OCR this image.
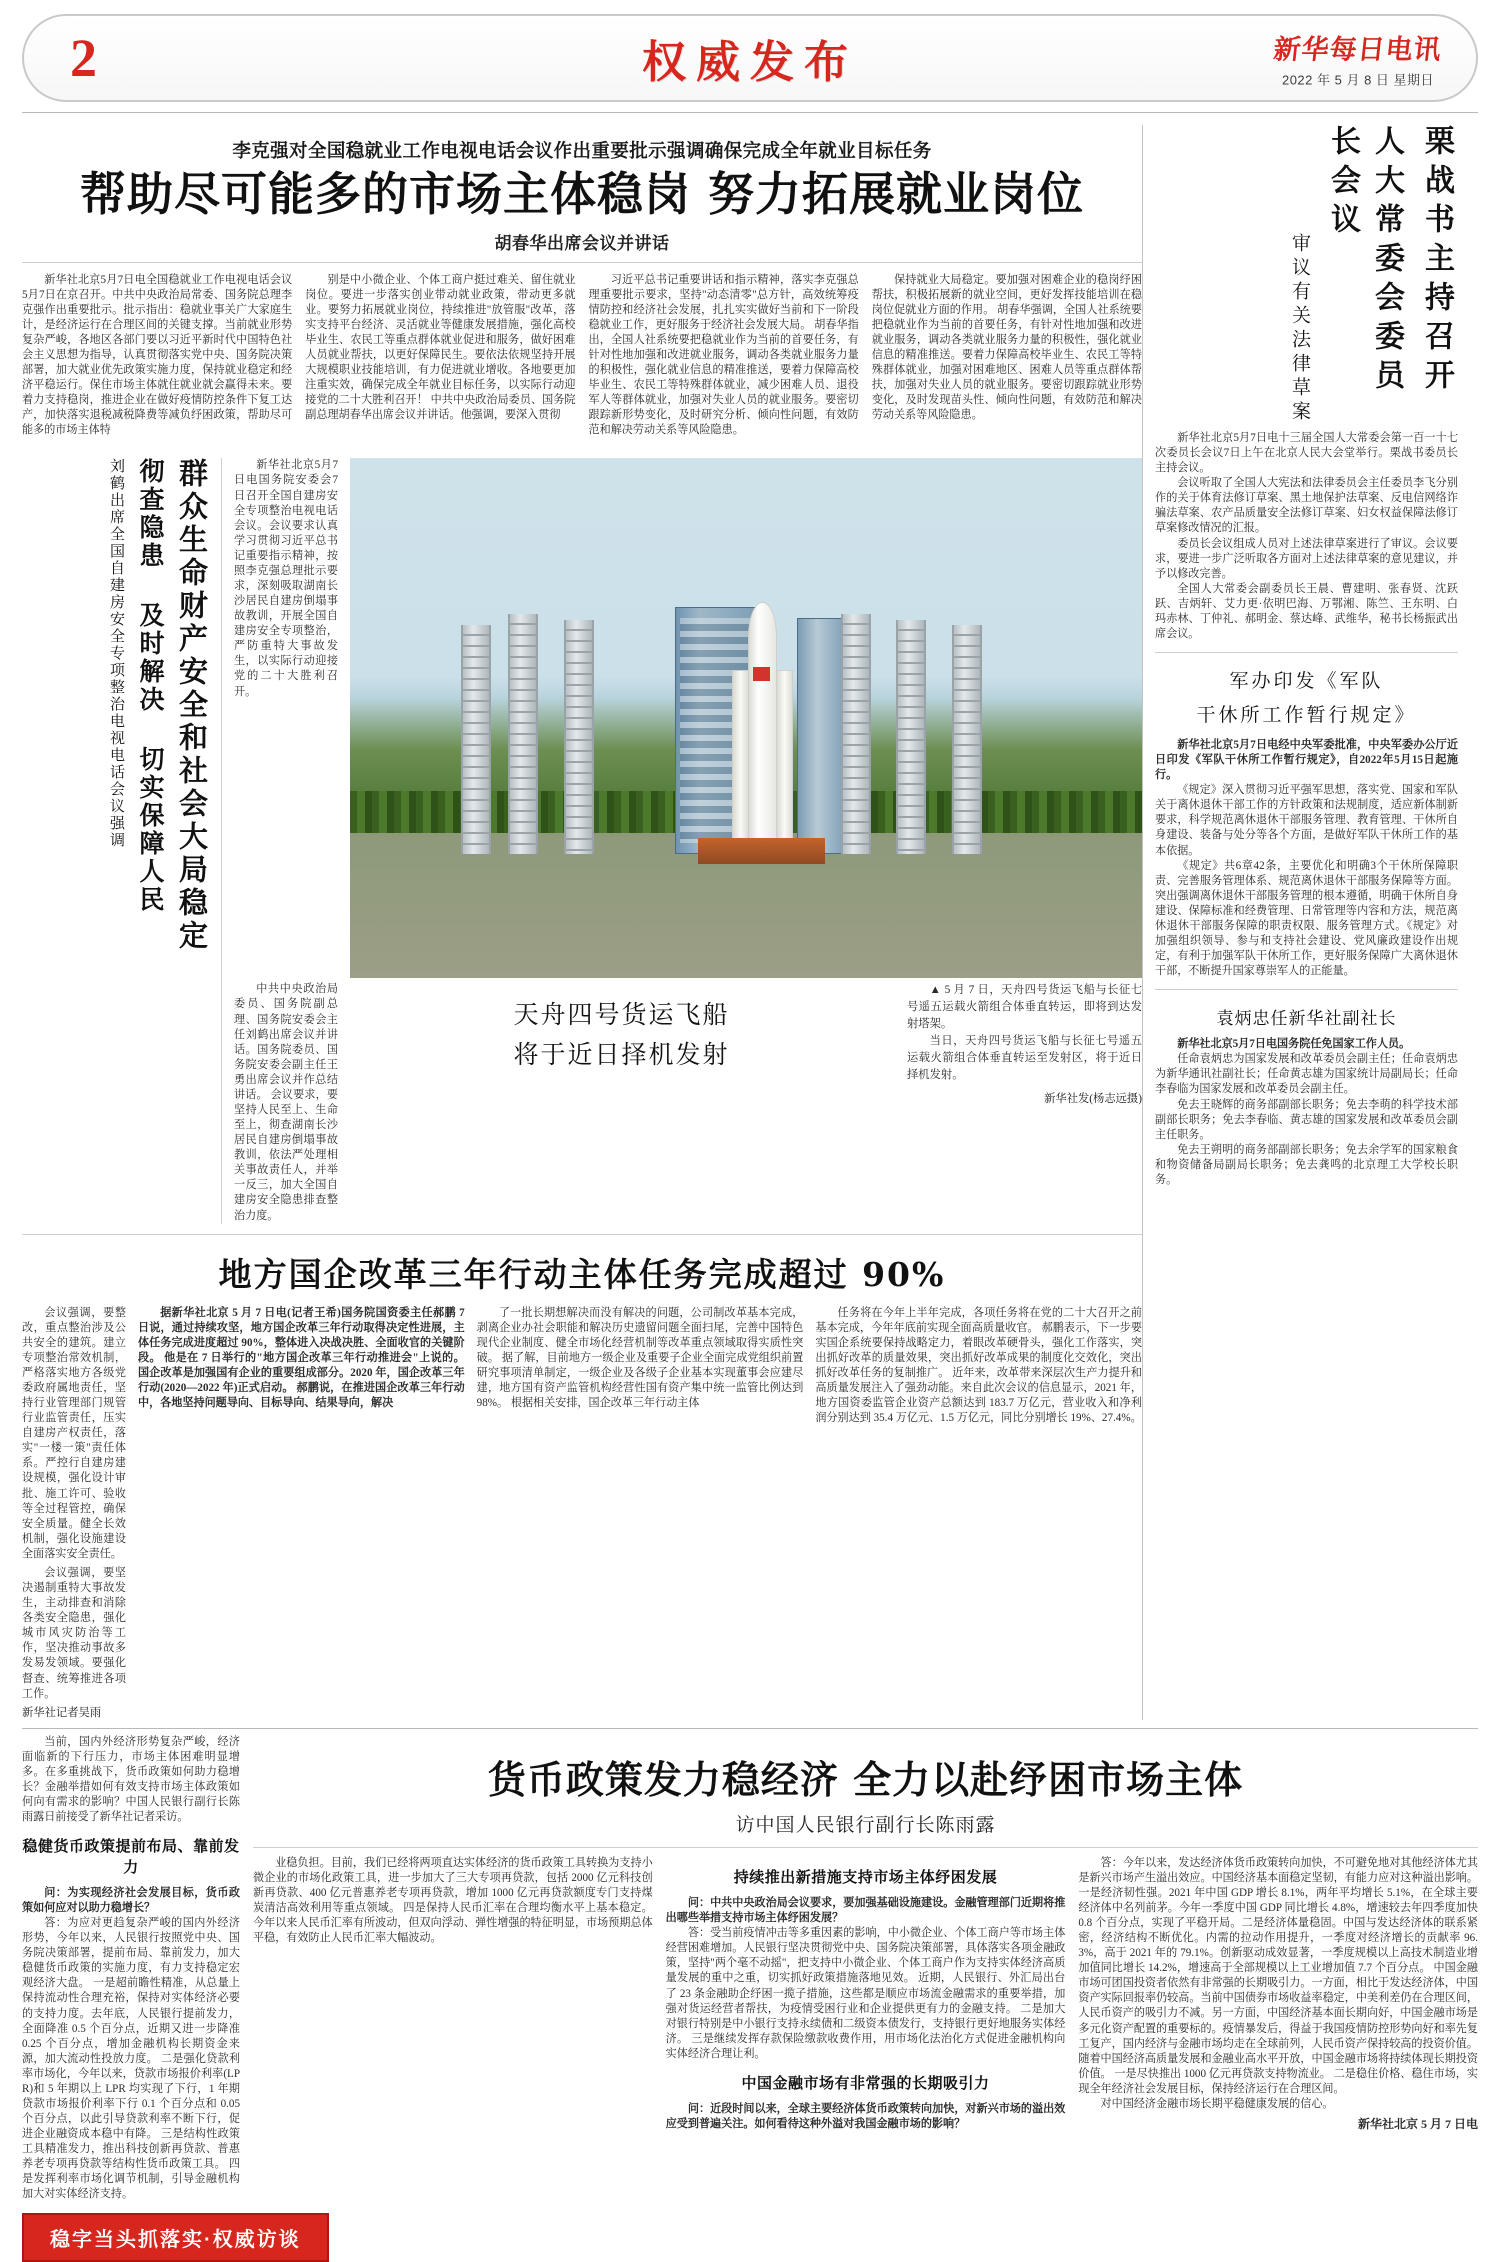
2	权威发布	新华每日电讯
2022 年 5 月 8 日 星期日
李克强对全国稳就业工作电视电话会议作出重要批示强调确保完成全年就业目标任务
帮助尽可能多的市场主体稳岗 努力拓展就业岗位
胡春华出席会议并讲话

新华社北京5月7日电全国稳就业工作电视电话会议5月7日在京召开。中共中央政治局常委、国务院总理李克强作出重要批示。批示指出：稳就业事关广大家庭生计，是经济运行在合理区间的关键支撑。当前就业形势复杂严峻，各地区各部门要以习近平新时代中国特色社会主义思想为指导，认真贯彻落实党中央、国务院决策部署，加大就业优先政策实施力度，保持就业稳定和经济平稳运行。保住市场主体就住就业就会赢得未来。要着力支持稳岗，推进企业在做好疫情防控条件下复工达产，加快落实退税减税降费等减负纾困政策，帮助尽可能多的市场主体特

别是中小微企业、个体工商户挺过难关、留住就业岗位。要进一步落实创业带动就业政策，带动更多就业。要努力拓展就业岗位，持续推进"放管服"改革，落实支持平台经济、灵活就业等健康发展措施，强化高校毕业生、农民工等重点群体就业促进和服务，做好困难人员就业帮扶，以更好保障民生。要依法依规坚持开展大规模职业技能培训，有力促进就业增收。各地要更加注重实效，确保完成全年就业目标任务，以实际行动迎接党的二十大胜利召开！ 中共中央政治局委员、国务院副总理胡春华出席会议并讲话。他强调，要深入贯彻

习近平总书记重要讲话和指示精神，落实李克强总理重要批示要求，坚持"动态清零"总方针，高效统筹疫情防控和经济社会发展，扎扎实实做好当前和下一阶段稳就业工作，更好服务于经济社会发展大局。 胡春华指出，全国人社系统要把稳就业作为当前的首要任务，有针对性地加强和改进就业服务，调动各类就业服务力量的积极性，强化就业信息的精准推送，要着力保障高校毕业生、农民工等特殊群体就业，减少困难人员、退役军人等群体就业，加强对失业人员的就业服务。要密切跟踪新形势变化，及时研究分析、倾向性问题，有效防范和解决劳动关系等风险隐患。

保持就业大局稳定。要加强对困难企业的稳岗纾困帮扶，积极拓展新的就业空间，更好发挥技能培训在稳岗位促就业方面的作用。 胡春华强调，全国人社系统要把稳就业作为当前的首要任务，有针对性地加强和改进就业服务，调动各类就业服务力量的积极性，强化就业信息的精准推送。要着力保障高校毕业生、农民工等特殊群体就业，加强对困难地区、困难人员等重点群体帮扶，加强对失业人员的就业服务。要密切跟踪就业形势变化，及时发现苗头性、倾向性问题，有效防范和解决劳动关系等风险隐患。

群众生命财产安全和社会大局稳定
彻查隐患 及时解决 切实保障人民
刘鹤出席全国自建房安全专项整治电视电话会议强调	新华社北京5月7日电国务院安委会7日召开全国自建房安全专项整治电视电话会议。会议要求认真学习贯彻习近平总书记重要指示精神，按照李克强总理批示要求，深刻吸取湖南长沙居民自建房倒塌事故教训，开展全国自建房安全专项整治，严防重特大事故发生，以实际行动迎接党的二十大胜利召开。

中共中央政治局委员、国务院副总理、国务院安委会主任刘鹤出席会议并讲话。国务院委员、国务院安委会副主任王勇出席会议并作总结讲话。 会议要求，要坚持人民至上、生命至上，彻查湖南长沙居民自建房倒塌事故教训，依法严处理相关事故责任人，并举一反三，加大全国自建房安全隐患排查整治力度。

天舟四号货运飞船
将于近日择机发射

▲ 5 月 7 日，天舟四号货运飞船与长征七号遥五运载火箭组合体垂直转运，即将到达发射塔架。

当日，天舟四号货运飞船与长征七号遥五运载火箭组合体垂直转运至发射区，将于近日择机发射。

新华社发(杨志远摄)
地方国企改革三年行动主体任务完成超过 90%

会议强调，要整改，重点整治涉及公共安全的建筑。建立专项整治常效机制，严格落实地方各级党委政府属地责任，坚持行业管理部门规管行业监管责任，压实自建房产权责任，落实"一楼一策"责任体系。严控行自建房建设规模，强化设计审批、施工许可、验收等全过程管控，确保安全质量。健全长效机制，强化设施建设全面落实安全责任。

据新华社北京 5 月 7 日电(记者王希)国务院国资委主任郝鹏 7 日说，通过持续攻坚，地方国企改革三年行动取得决定性进展，主体任务完成进度超过 90%，整体进入决战决胜、全面收官的关键阶段。 他是在 7 日举行的"地方国企改革三年行动推进会"上说的。 国企改革是加强国有企业的重要组成部分。2020 年，国企改革三年行动(2020—2022 年)正式启动。 郝鹏说，在推进国企改革三年行动中，各地坚持问题导向、目标导向、结果导向，解决

了一批长期想解决而没有解决的问题，公司制改革基本完成，剥离企业办社会职能和解决历史遗留问题全面扫尾，完善中国特色现代企业制度、健全市场化经营机制等改革重点领域取得实质性突破。 据了解，目前地方一级企业及重要子企业全面完成党组织前置研究事项清单制定，一级企业及各级子企业基本实现董事会应建尽建，地方国有资产监管机构经营性国有资产集中统一监管比例达到 98%。 根据相关安排，国企改革三年行动主体

任务将在今年上半年完成，各项任务将在党的二十大召开之前基本完成，今年年底前实现全面高质量收官。 郝鹏表示，下一步要实国企系统要保持战略定力，着眼改革硬骨头，强化工作落实，突出抓好改革的质量效果，突出抓好改革成果的制度化交效化，突出抓好改革任务的复制推广。 近年来，改革带来深层次生产力提升和高质量发展注入了强劲动能。来自此次会议的信息显示，2021 年，地方国资委监管企业资产总额达到 183.7 万亿元，营业收入和净利润分别达到 35.4 万亿元、1.5 万亿元，同比分别增长 19%、27.4%。

会议强调，要坚决遏制重特大事故发生，主动排查和消除各类安全隐患，强化城市风灾防治等工作，坚决推动事故多发易发领域。要强化督查、统筹推进各项工作。

新华社记者吴雨
栗战书主持召开
人大常委会委员长会议
审议有关法律草案

新华社北京5月7日电十三届全国人大常委会第一百一十七次委员长会议7日上午在北京人民大会堂举行。栗战书委员长主持会议。

会议听取了全国人大宪法和法律委员会主任委员李飞分别作的关于体育法修订草案、黑土地保护法草案、反电信网络诈骗法草案、农产品质量安全法修订草案、妇女权益保障法修订草案修改情况的汇报。

委员长会议组成人员对上述法律草案进行了审议。会议要求，要进一步广泛听取各方面对上述法律草案的意见建议，并予以修改完善。

全国人大常委会副委员长王晨、曹建明、张春贤、沈跃跃、吉炳轩、艾力更·依明巴海、万鄂湘、陈竺、王东明、白玛赤林、丁仲礼、郝明金、蔡达峰、武维华，秘书长杨振武出席会议。

军办印发《军队
干休所工作暂行规定》

新华社北京5月7日电经中央军委批准，中央军委办公厅近日印发《军队干休所工作暂行规定》，自2022年5月15日起施行。

《规定》深入贯彻习近平强军思想，落实党、国家和军队关于离休退休干部工作的方针政策和法规制度，适应新体制新要求，科学规范离休退休干部服务管理、教育管理、干休所自身建设、装备与处分等各个方面，是做好军队干休所工作的基本依据。

《规定》共6章42条，主要优化和明确3个干休所保障职责、完善服务管理体系、规范离休退休干部服务保障等方面。突出强调离休退休干部服务管理的根本遵循，明确干休所自身建设、保障标准和经费管理、日常管理等内容和方法，规范离休退休干部服务保障的职责权限、服务管理方式。《规定》对加强组织领导、参与和支持社会建设、党风廉政建设作出规定，有利于加强军队干休所工作，更好服务保障广大离休退休干部，不断提升国家尊崇军人的正能量。

袁炳忠任新华社副社长

新华社北京5月7日电国务院任免国家工作人员。

任命袁炳忠为国家发展和改革委员会副主任；任命袁炳忠为新华通讯社副社长；任命黄志雄为国家统计局副局长；任命李春临为国家发展和改革委员会副主任。

免去王晓辉的商务部副部长职务；免去李萌的科学技术部副部长职务；免去李春临、黄志雄的国家发展和改革委员会副主任职务。

免去王朔明的商务部副部长职务；免去余学军的国家粮食和物资储备局副局长职务；免去龚鸣的北京理工大学校长职务。

当前，国内外经济形势复杂严峻，经济面临新的下行压力，市场主体困难明显增多。在多重挑战下，货币政策如何助力稳增长？金融举措如何有效支持市场主体政策如何向有需求的影响？中国人民银行副行长陈雨露日前接受了新华社记者采访。

稳健货币政策提前布局、靠前发力

问：为实现经济社会发展目标，货币政策如何应对以助力稳增长？

答：为应对更趋复杂严峻的国内外经济形势，今年以来，人民银行按照党中央、国务院决策部署，提前布局、靠前发力，加大稳健货币政策的实施力度，有力支持稳定宏观经济大盘。 一是超前瞻性精准，从总量上保持流动性合理充裕，保持对实体经济必要的支持力度。去年底，人民银行提前发力，全面降准 0.5 个百分点，近期又进一步降准 0.25 个百分点，增加金融机构长期资金来源，加大流动性投放力度。 二是强化贷款利率市场化，今年以来，贷款市场报价利率(LPR)和 5 年期以上 LPR 均实现了下行，1 年期贷款市场报价利率下行 0.1 个百分点和 0.05 个百分点，以此引导贷款利率不断下行，促进企业融资成本稳中有降。 三是结构性政策工具精准发力，推出科技创新再贷款、普惠养老专项再贷款等结构性货币政策工具。 四是发挥利率市场化调节机制，引导金融机构加大对实体经济支持。

货币政策发力稳经济 全力以赴纾困市场主体
访中国人民银行副行长陈雨露

业稳负担。目前，我们已经将两项直达实体经济的货币政策工具转换为支持小微企业的市场化政策工具，进一步加大了三大专项再贷款，包括 2000 亿元科技创新再贷款、400 亿元普惠养老专项再贷款，增加 1000 亿元再贷款额度专门支持煤炭清洁高效利用等重点领域。 四是保持人民币汇率在合理均衡水平上基本稳定。今年以来人民币汇率有所波动，但双向浮动、弹性增强的特征明显，市场预期总体平稳，有效防止人民币汇率大幅波动。

持续推出新措施支持市场主体纾困发展

问：中共中央政治局会议要求，要加强基础设施建设。金融管理部门近期将推出哪些举措支持市场主体纾困发展？

答：受当前疫情冲击等多重因素的影响，中小微企业、个体工商户等市场主体经营困难增加。人民银行坚决贯彻党中央、国务院决策部署，具体落实各项金融政策，坚持"两个毫不动摇"，把支持中小微企业、个体工商户作为支持实体经济高质量发展的重中之重，切实抓好政策措施落地见效。 近期，人民银行、外汇局出台了 23 条金融助企纾困一揽子措施，这些都是顺应市场流金融需求的重要举措，加强对货运经营者帮扶，为疫情受困行业和企业提供更有力的金融支持。 二是加大对银行特别是中小银行支持永续债和二级资本债发行，支持银行更好地服务实体经济。 三是继续发挥存款保险缴款收费作用，用市场化法治化方式促进金融机构向实体经济合理让利。

中国金融市场有非常强的长期吸引力

问：近段时间以来，全球主要经济体货币政策转向加快，对新兴市场的溢出效应受到普遍关注。如何看待这种外溢对我国金融市场的影响？

答：今年以来，发达经济体货币政策转向加快，不可避免地对其他经济体尤其是新兴市场产生溢出效应。中国经济基本面稳定坚韧，有能力应对这种溢出影响。一是经济韧性强。2021 年中国 GDP 增长 8.1%，两年平均增长 5.1%，在全球主要经济体中名列前茅。今年一季度中国 GDP 同比增长 4.8%，增速较去年四季度加快 0.8 个百分点，实现了平稳开局。二是经济体量稳固。中国与发达经济体的联系紧密，经济结构不断优化。内需的拉动作用提升，一季度对经济增长的贡献率 96.3%，高于 2021 年的 79.1%。创新驱动成效显著，一季度规模以上高技术制造业增加值同比增长 14.2%，增速高于全部规模以上工业增加值 7.7 个百分点。 中国金融市场可团国投资者依然有非常强的长期吸引力。一方面，相比于发达经济体，中国资产实际回报率仍较高。当前中国债券市场收益率稳定，中美利差仍在合理区间，人民币资产的吸引力不减。另一方面，中国经济基本面长期向好，中国金融市场是多元化资产配置的重要标的。疫情暴发后，得益于我国疫情防控形势向好和率先复工复产，国内经济与金融市场均走在全球前列，人民币资产保持较高的投资价值。随着中国经济高质量发展和金融业高水平开放，中国金融市场将持续体现长期投资价值。 一是尽快推出 1000 亿元再贷款支持物流业。 二是稳住价格、稳住市场，实现全年经济社会发展目标，保持经济运行在合理区间。

对中国经济金融市场长期平稳健康发展的信心。

新华社北京 5 月 7 日电
稳字当头抓落实·权威访谈
